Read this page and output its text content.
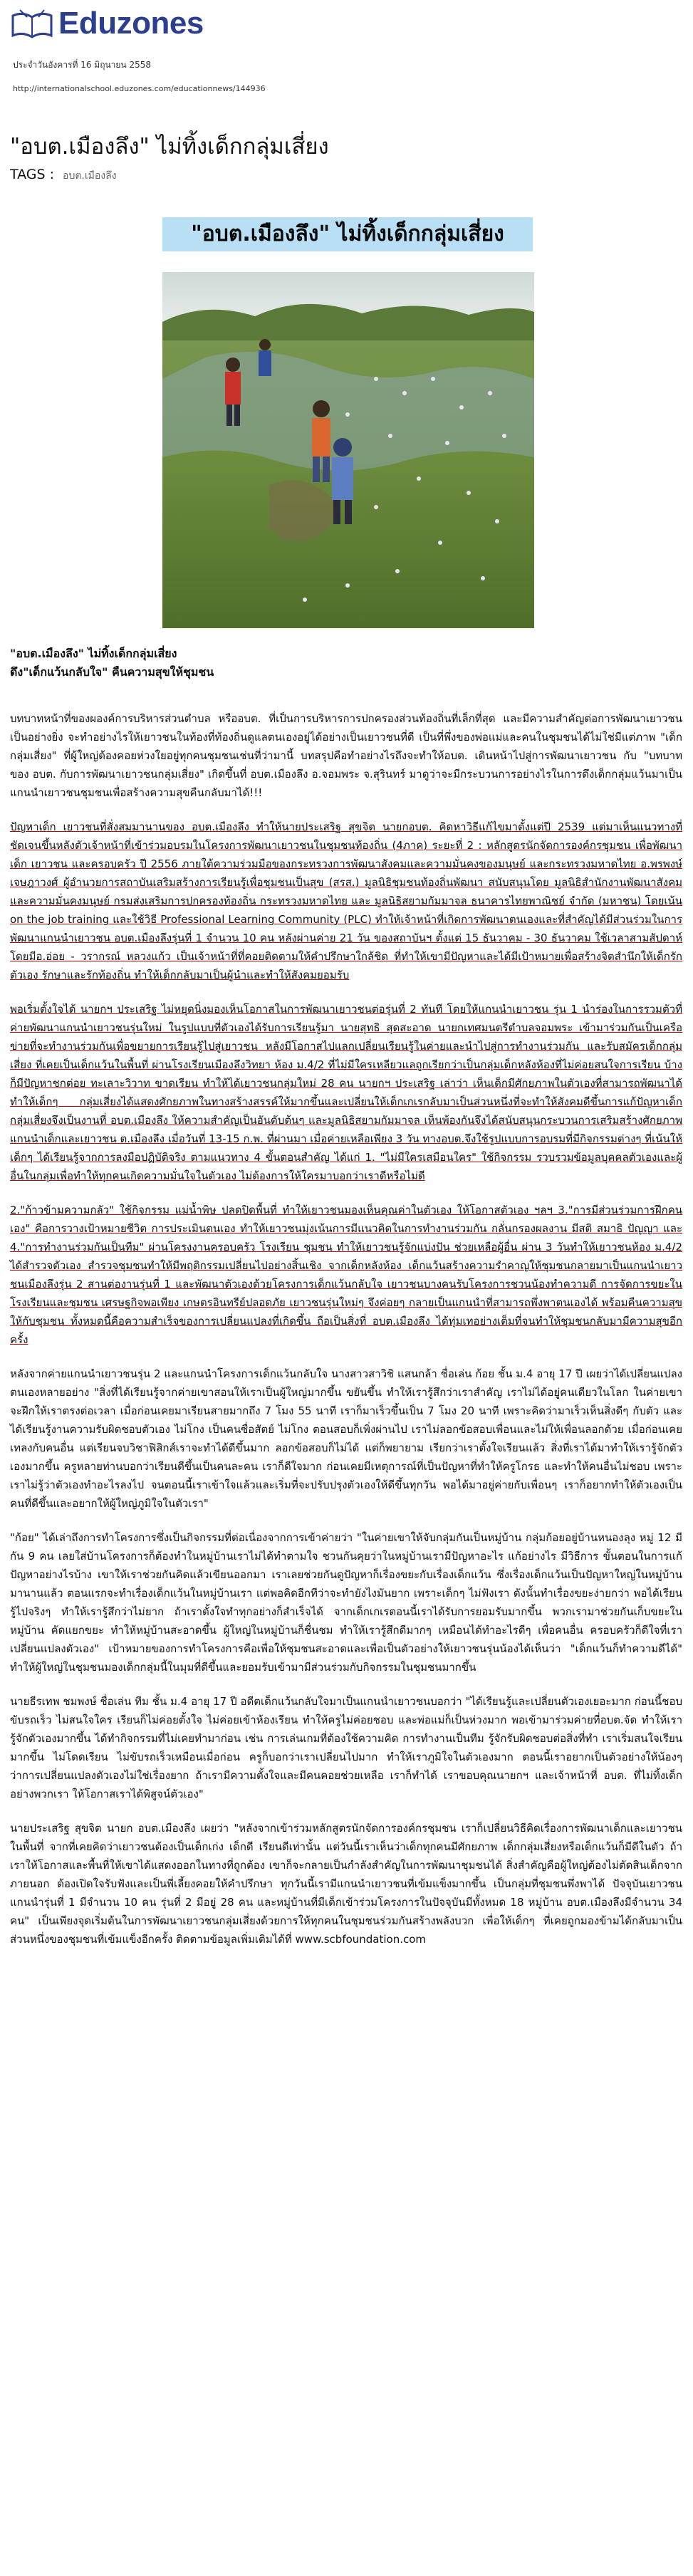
Eduzones
ประจำวันอังคารที่ 16 มิถุนายน 2558
http://internationalschool.eduzones.com/educationnews/144936
"อบต.เมืองลึง" ไม่ทิ้งเด็กกลุ่มเสี่ยง
TAGS : อบต.เมืองลึง
"อบต.เมืองลึง" ไม่ทิ้งเด็กกลุ่มเสี่ยง

"อบต.เมืองลึง" ไม่ทิ้งเด็กกลุ่มเสี่ยง

ดึง"เด็กแว้นกลับใจ" คืนความสุขให้ชุมชน

บทบาทหน้าที่ของผองค์การบริหารส่วนตำบล หรืออบต. ที่เป็นการบริหารการปกครองส่วนท้องถิ่นที่เล็กที่สุด และมีความสำคัญต่อการพัฒนาเยาวชนเป็นอย่างยิ่ง จะทำอย่างไรให้เยาวชนในท้องที่ท้องถิ่นดูแลตนเองอยู่ได้อย่างเป็นเยาวชนที่ดี เป็นที่พึ่งของพ่อแม่และคนในชุมชนได้ไม่ใช่มีแต่ภาพ "เด็กกลุ่มเสี่ยง" ที่ผู้ใหญ่ต้องคอยห่วงใยอยู่ทุกคนชุมชนเช่นที่ว่ามานี้ บทสรุปคือทำอย่างไรถึงจะทำให้อบต. เดินหน้าไปสู่การพัฒนาเยาวชน กับ "บทบาทของ อบต. กับการพัฒนาเยาวชนกลุ่มเสี่ยง" เกิดขึ้นที่ อบต.เมืองลึง อ.จอมพระ จ.สุรินทร์ มาดูว่าจะมีกระบวนการอย่างไรในการดึงเด็กกลุ่มแว้นมาเป็นแกนนำเยาวชนชุมชนเพื่อสร้างความสุขคืนกลับมาได้!!!

ปัญหาเด็ก เยาวชนที่สั่งสมมานานของ อบต.เมืองลึง ทำให้นายประเสริฐ สุขจิต นายกอบต. คิดหาวิธีแก้ไขมาตั้งแต่ปี 2539 แต่มาเห็นแนวทางที่ชัดเจนขึ้นหลังตัวเจ้าหน้าที่เข้าร่วมอบรมในโครงการพัฒนาเยาวชนในชุมชนท้องถิ่น (4ภาค) ระยะที่ 2 : หลักสูตรนักจัดการองค์กรชุมชน เพื่อพัฒนาเด็ก เยาวชน และครอบครัว ปี 2556 ภายใต้ความร่วมมือของกระทรวงการพัฒนาสังคมและความมั่นคงของมนุษย์ และกระทรวงมหาดไทย อ.พรพงษ์ เจษฎาวงศ์ ผู้อำนวยการสถาบันเสริมสร้างการเรียนรู้เพื่อชุมชนเป็นสุข (สรส.) มูลนิธิชุมชนท้องถิ่นพัฒนา สนับสนุนโดย มูลนิธิสำนักงานพัฒนาสังคมและความมั่นคงมนุษย์ กรมส่งเสริมการปกครองท้องถิ่น กระทรวงมหาดไทย และ มูลนิธิสยามกัมมาจล ธนาคารไทยพาณิชย์ จำกัด (มหาชน) โดยเน้น on the job training และใช้วิธี Professional Learning Community (PLC) ทำให้เจ้าหน้าที่เกิดการพัฒนาตนเองและที่สำคัญได้มีส่วนร่วมในการพัฒนาแกนนำเยาวชน อบต.เมืองลึงรุ่นที่ 1 จำนวน 10 คน หลังผ่านค่าย 21 วัน ของสถาบันฯ ตั้งแต่ 15 ธันวาคม - 30 ธันวาคม ใช้เวลาสามสัปดาห์ โดยมีอ.อ่อย - วรากรณ์ หลวงแก้ว เป็นเจ้าหน้าที่ที่คอยติดตามให้คำปรึกษาใกล้ชิด ที่ทำให้เขามีปัญหาและได้มีเป้าหมายเพื่อสร้างจิตสำนึกให้เด็กรักตัวเอง รักษาและรักท้องถิ่น ทำให้เด็กกลับมาเป็นผู้นำและทำให้สังคมยอมรับ

พอเริ่มตั้งใจได้ นายกฯ ประเสริฐ ไม่หยุดนิ่งมองเห็นโอกาสในการพัฒนาเยาวชนต่อรุ่นที่ 2 ทันที โดยให้แกนนำเยาวชน รุ่น 1 นำร่องในการรวมตัวที่ค่ายพัฒนาแกนนำเยาวชนรุ่นใหม่ ในรูปแบบที่ตัวเองได้รับการเรียนรู้มา นายสุทธิ สุดสะอาด นายกเทศมนตรีตำบลจอมพระ เข้ามาร่วมกันเป็นเครือข่ายที่จะทำงานร่วมกันเพื่อขยายการเรียนรู้ไปสู่เยาวชน หลังมีโอกาสไปแลกเปลี่ยนเรียนรู้ในค่ายและนำไปสู่การทำงานร่วมกัน และรับสมัครเด็กกลุ่มเสี่ยง ที่เคยเป็นเด็กแว้นในพื้นที่ ผ่านโรงเรียนเมืองลึงวิทยา ห้อง ม.4/2 ที่ไม่มีใครเหลียวแลถูกเรียกว่าเป็นกลุ่มเด็กหลังห้องที่ไม่ค่อยสนใจการเรียน บ้างก็มีปัญหาชกต่อย ทะเลาะวิวาท ขาดเรียน ทำให้ได้เยาวชนกลุ่มใหม่ 28 คน นายกฯ ประเสริฐ เล่าว่า เห็นเด็กมีศักยภาพในตัวเองที่สามารถพัฒนาได้ทำให้เด็กๆ กลุ่มเสี่ยงได้แสดงศักยภาพในทางสร้างสรรค์ให้มากขึ้นและเปลี่ยนให้เด็กเกเรกลับมาเป็นส่วนหนึ่งที่จะทำให้สังคมดีขึ้นการแก้ปัญหาเด็กกลุ่มเสี่ยงจึงเป็นงานที่ อบต.เมืองลึง ให้ความสำคัญเป็นอันดับต้นๆ และมูลนิธิสยามกัมมาจล เห็นพ้องกันจึงได้สนับสนุนกระบวนการเสริมสร้างศักยภาพแกนนำเด็กและเยาวชน ต.เมืองลึง เมื่อวันที่ 13-15 ก.พ. ที่ผ่านมา เมื่อค่ายเหลือเพียง 3 วัน ทางอบต.จึงใช้รูปแบบการอบรมที่มีกิจกรรมต่างๆ ที่เน้นให้เด็กๆ ได้เรียนรู้จากการลงมือปฏิบัติจริง ตามแนวทาง 4 ขั้นตอนสำคัญ ได้แก่ 1. "ไม่มีใครเสมือนใคร" ใช้กิจกรรม รวบรวมข้อมูลบุคคลตัวเองและผู้อื่นในกลุ่มเพื่อทำให้ทุกคนเกิดความมั่นใจในตัวเอง ไม่ต้องการให้ใครมาบอกว่าเราดีหรือไม่ดี

2."ก้าวข้ามความกลัว" ใช้กิจกรรม แม่น้ำพิษ ปลดปิดพื้นที่ ทำให้เยาวชนมองเห็นคุณค่าในตัวเอง ให้โอกาสตัวเอง ฯลฯ 3."การมีส่วนร่วมการฝึกคนเอง" คือการวางเป้าหมายชีวิต การประเมินตนเอง ทำให้เยาวชนมุ่งเน้นการมีแนวคิดในการทำงานร่วมกัน กลั่นกรองผลงาน มีสติ สมาธิ ปัญญา และ 4."การทำงานร่วมกันเป็นทีม" ผ่านโครงงานครอบครัว โรงเรียน ชุมชน ทำให้เยาวชนรู้จักแบ่งปัน ช่วยเหลือผู้อื่น ผ่าน 3 วันทำให้เยาวชนห้อง ม.4/2 ได้สำรวจตัวเอง สำรวจชุมชนทำให้มีพฤติกรรมเปลี่ยนไปอย่างสิ้นเชิง จากเด็กหลังห้อง เด็กแว้นสร้างความรำคาญให้ชุมชนกลายมาเป็นแกนนำเยาวชนเมืองลึงรุ่น 2 สานต่องานรุ่นที่ 1 และพัฒนาตัวเองด้วยโครงการเด็กแว้นกลับใจ เยาวชนบางคนรับโครงการชวนน้องทำความดี การจัดการขยะในโรงเรียนและชุมชน เศรษฐกิจพอเพียง เกษตรอินทรีย์ปลอดภัย เยาวชนรุ่นใหม่ๆ จึงค่อยๆ กลายเป็นแกนนำที่สามารถพึ่งพาตนเองได้ พร้อมคืนความสุขให้กับชุมชน ทั้งหมดนี้คือความสำเร็จของการเปลี่ยนแปลงที่เกิดขึ้น ถือเป็นสิ่งที่ อบต.เมืองลึง ได้ทุ่มเทอย่างเต็มที่จนทำให้ชุมชนกลับมามีความสุขอีกครั้ง

หลังจากค่ายแกนนำเยาวชนรุ่น 2 และแกนนำโครงการเด็กแว้นกลับใจ นางสาวสาวิชิ แสนกล้า ชื่อเล่น ก้อย ชั้น ม.4 อายุ 17 ปี เผยว่าได้เปลี่ยนแปลงตนเองหลายอย่าง "สิ่งที่ได้เรียนรู้จากค่ายเขาสอนให้เราเป็นผู้ใหญ่มากขึ้น ขยันขึ้น ทำให้เรารู้สึกว่าเราสำคัญ เราไม่ได้อยู่คนเดียวในโลก ในค่ายเขาจะฝึกให้เราตรงต่อเวลา เมื่อก่อนเคยมาเรียนสายมากถึง 7 โมง 55 นาที เราก็มาเร็วขึ้นเป็น 7 โมง 20 นาที เพราะคิดว่ามาเร็วเห็นสิ่งดีๆ กับตัว และได้เรียนรู้งานความรับผิดชอบตัวเอง ไม่โกง เป็นคนซื่อสัตย์ ไม่โกง ตอนสอบก็เพิ่งผ่านไป เราไม่ลอกข้อสอบเพื่อนและไม่ให้เพื่อนลอกด้วย เมื่อก่อนเคยเทลงกับคนอื่น แต่เรียนจบวิชาฟิสิกส์เราจะทำได้ดีขึ้นมาก ลอกข้อสอบก็ไม่ได้ แต่ก็พยายาม เรียกว่าเราตั้งใจเรียนแล้ว สิ่งที่เราได้มาทำให้เรารู้จักตัวเองมากขึ้น ครูหลายท่านบอกว่าเรียนดีขึ้นเป็นคนละคน เราก็ดีใจมาก ก่อนเคยมีเหตุการณ์ที่เป็นปัญหาที่ทำให้ครูโกรธ และทำให้คนอื่นไม่ชอบ เพราะเราไม่รู้ว่าตัวเองทำอะไรลงไป จนตอนนี้เราเข้าใจแล้วและเริ่มที่จะปรับปรุงตัวเองให้ดีขึ้นทุกวัน พอได้มาอยู่ค่ายกับเพื่อนๆ เราก็อยากทำให้ตัวเองเป็นคนที่ดีขึ้นและอยากให้ผู้ใหญ่ภูมิใจในตัวเรา"

"ก้อย" ได้เล่าถึงการทำโครงการซึ่งเป็นกิจกรรมที่ต่อเนื่องจากการเข้าค่ายว่า "ในค่ายเขาให้จับกลุ่มกันเป็นหมู่บ้าน กลุ่มก้อยอยู่บ้านหนองลุง หมู่ 12 มีกัน 9 คน เลยใส่บ้านโครงการก็ต้องทำในหมู่บ้านเราไม่ได้ทำตามใจ ชวนกันคุยว่าในหมู่บ้านเรามีปัญหาอะไร แก้อย่างไร มีวิธีการ ขั้นตอนในการแก้ปัญหาอย่างไรบ้าง เขาให้เราช่วยกันคิดแล้วเขียนออกมา เราเลยช่วยกันดูปัญหาก็เรื่องขยะกับเรื่องเด็กแว้น ซึ่งเรื่องเด็กแว้นเป็นปัญหาใหญ่ในหมู่บ้านมานานแล้ว ตอนแรกจะทำเรื่องเด็กแว้นในหมู่บ้านเรา แต่พอคิดอีกทีว่าจะทำยังไงมันยาก เพราะเด็กๆ ไม่ฟังเรา ดังนั้นทำเรื่องขยะง่ายกว่า พอได้เรียนรู้ไปจริงๆ ทำให้เรารู้สึกว่าไม่ยาก ถ้าเราตั้งใจทำทุกอย่างก็สำเร็จได้ จากเด็กเกเรตอนนี้เราได้รับการยอมรับมากขึ้น พวกเรามาช่วยกันเก็บขยะในหมู่บ้าน คัดแยกขยะ ทำให้หมู่บ้านสะอาดขึ้น ผู้ใหญ่ในหมู่บ้านก็ชื่นชม ทำให้เรารู้สึกดีมากๆ เหมือนได้ทำอะไรดีๆ เพื่อคนอื่น ครอบครัวก็ดีใจที่เราเปลี่ยนแปลงตัวเอง" เป้าหมายของการทำโครงการคือเพื่อให้ชุมชนสะอาดและเพื่อเป็นตัวอย่างให้เยาวชนรุ่นน้องได้เห็นว่า "เด็กแว้นก็ทำความดีได้" ทำให้ผู้ใหญ่ในชุมชนมองเด็กกลุ่มนี้ในมุมที่ดีขึ้นและยอมรับเข้ามามีส่วนร่วมกับกิจกรรมในชุมชนมากขึ้น

นายธีรเทพ ชมพงษ์ ชื่อเล่น ทีม ชั้น ม.4 อายุ 17 ปี อดีตเด็กแว้นกลับใจมาเป็นแกนนำเยาวชนบอกว่า "ได้เรียนรู้และเปลี่ยนตัวเองเยอะมาก ก่อนนี้ชอบขับรถเร็ว ไม่สนใจใคร เรียนก็ไม่ค่อยตั้งใจ ไม่ค่อยเข้าห้องเรียน ทำให้ครูไม่ค่อยชอบ และพ่อแม่ก็เป็นห่วงมาก พอเข้ามาร่วมค่ายที่อบต.จัด ทำให้เรารู้จักตัวเองมากขึ้น ได้ทำกิจกรรมที่ไม่เคยทำมาก่อน เช่น การเล่นเกมที่ต้องใช้ความคิด การทำงานเป็นทีม รู้จักรับผิดชอบต่อสิ่งที่ทำ เราเริ่มสนใจเรียนมากขึ้น ไม่โดดเรียน ไม่ขับรถเร็วเหมือนเมื่อก่อน ครูก็บอกว่าเราเปลี่ยนไปมาก ทำให้เราภูมิใจในตัวเองมาก ตอนนี้เราอยากเป็นตัวอย่างให้น้องๆ ว่าการเปลี่ยนแปลงตัวเองไม่ใช่เรื่องยาก ถ้าเรามีความตั้งใจและมีคนคอยช่วยเหลือ เราก็ทำได้ เราขอบคุณนายกฯ และเจ้าหน้าที่ อบต. ที่ไม่ทิ้งเด็กอย่างพวกเรา ให้โอกาสเราได้พิสูจน์ตัวเอง"

นายประเสริฐ สุขจิต นายก อบต.เมืองลึง เผยว่า "หลังจากเข้าร่วมหลักสูตรนักจัดการองค์กรชุมชน เราก็เปลี่ยนวิธีคิดเรื่องการพัฒนาเด็กและเยาวชนในพื้นที่ จากที่เคยคิดว่าเยาวชนต้องเป็นเด็กเก่ง เด็กดี เรียนดีเท่านั้น แต่วันนี้เราเห็นว่าเด็กทุกคนมีศักยภาพ เด็กกลุ่มเสี่ยงหรือเด็กแว้นก็มีดีในตัว ถ้าเราให้โอกาสและพื้นที่ให้เขาได้แสดงออกในทางที่ถูกต้อง เขาก็จะกลายเป็นกำลังสำคัญในการพัฒนาชุมชนได้ สิ่งสำคัญคือผู้ใหญ่ต้องไม่ตัดสินเด็กจากภายนอก ต้องเปิดใจรับฟังและเป็นพี่เลี้ยงคอยให้คำปรึกษา ทุกวันนี้เรามีแกนนำเยาวชนที่เข้มแข็งมากขึ้น เป็นกลุ่มที่ชุมชนพึ่งพาได้ ปัจจุบันเยาวชนแกนนำรุ่นที่ 1 มีจำนวน 10 คน รุ่นที่ 2 มีอยู่ 28 คน และหมู่บ้านที่มีเด็กเข้าร่วมโครงการในปัจจุบันมีทั้งหมด 18 หมู่บ้าน อบต.เมืองลึงมีจำนวน 34 คน" เป็นเพียงจุดเริ่มต้นในการพัฒนาเยาวชนกลุ่มเสี่ยงด้วยการให้ทุกคนในชุมชนร่วมกันสร้างพลังบวก เพื่อให้เด็กๆ ที่เคยถูกมองข้ามได้กลับมาเป็นส่วนหนึ่งของชุมชนที่เข้มแข็งอีกครั้ง ติดตามข้อมูลเพิ่มเติมได้ที่ www.scbfoundation.com
